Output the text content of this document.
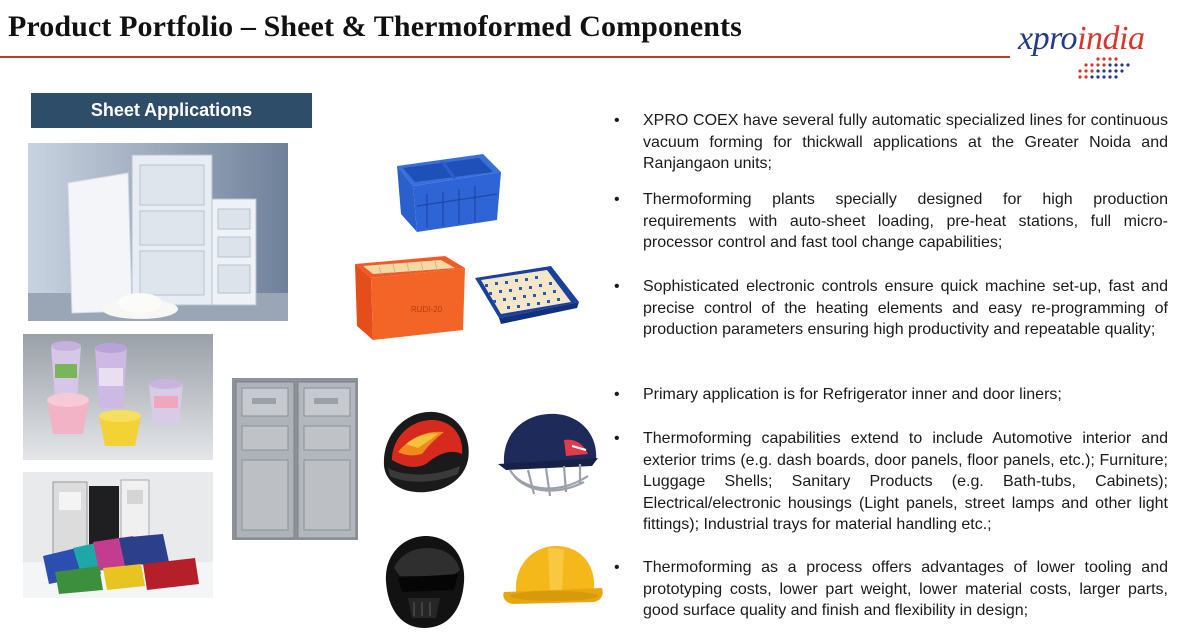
Product Portfolio – Sheet & Thermoformed Components	xproindia
Sheet Applications
RUDI-20
•	XPRO COEX have several fully automatic specialized lines for continuous vacuum forming for thickwall applications at the Greater Noida and Ranjangaon units;
•	Thermoforming plants specially designed for high production requirements with auto-sheet loading, pre-heat stations, full micro-processor control and fast tool change capabilities;
•	Sophisticated electronic controls ensure quick machine set-up, fast and precise control of the heating elements and easy re-programming of production parameters ensuring high productivity and repeatable quality;
•	Primary application is for Refrigerator inner and door liners;
•	Thermoforming capabilities extend to include Automotive interior and exterior trims (e.g. dash boards, door panels, floor panels, etc.); Furniture; Luggage Shells; Sanitary Products (e.g. Bath-tubs, Cabinets); Electrical/electronic housings (Light panels, street lamps and other light fittings); Industrial trays for material handling etc.;
•	Thermoforming as a process offers advantages of lower tooling and prototyping costs, lower part weight, lower material costs, larger parts, good surface quality and finish and flexibility in design;
